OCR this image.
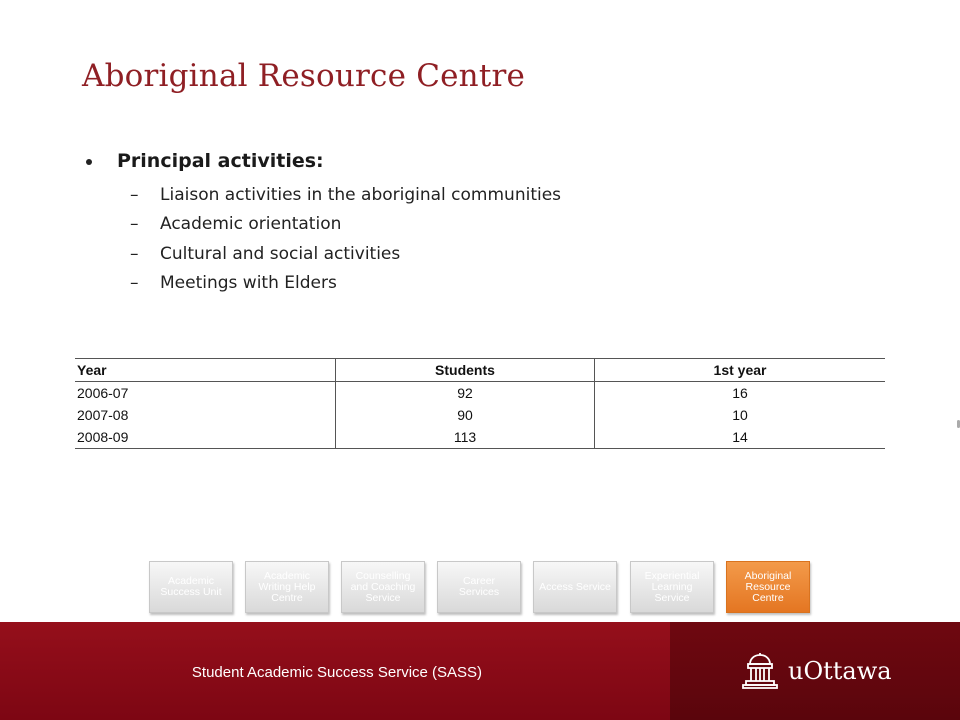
Aboriginal Resource Centre
Principal activities:
–	Liaison activities in the aboriginal communities
–	Academic orientation
–	Cultural and social activities
–	Meetings with Elders
Year	Students	1st year
2006-07	92	16
2007-08	90	10
2008-09	113	14
Academic Success Unit
Academic Writing Help Centre
Counselling and Coaching Service
Career Services	Access Service
Experiential Learning Service
Aboriginal Resource Centre
Student Academic Success Service (SASS)	uOttawa
